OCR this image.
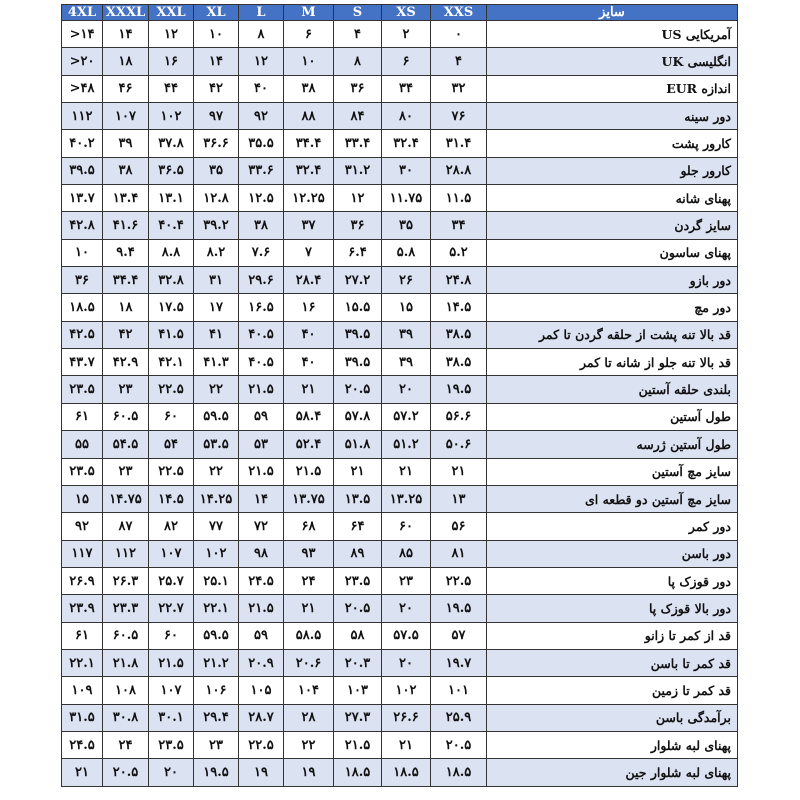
سایز	XXS	XS	S	M	L	XL	XXL	XXXL	4XL
آمریکایی US	۰	۲	۴	۶	۸	۱۰	۱۲	۱۴	>۱۴
انگلیسی UK	۴	۶	۸	۱۰	۱۲	۱۴	۱۶	۱۸	>۲۰
اندازه EUR	۳۲	۳۴	۳۶	۳۸	۴۰	۴۲	۴۴	۴۶	>۴۸
دور سینه	۷۶	۸۰	۸۴	۸۸	۹۲	۹۷	۱۰۲	۱۰۷	۱۱۲
کارور پشت	۳۱.۴	۳۲.۴	۳۳.۴	۳۴.۴	۳۵.۵	۳۶.۶	۳۷.۸	۳۹	۴۰.۲
کارور جلو	۲۸.۸	۳۰	۳۱.۲	۳۲.۴	۳۳.۶	۳۵	۳۶.۵	۳۸	۳۹.۵
پهنای شانه	۱۱.۵	۱۱.۷۵	۱۲	۱۲.۲۵	۱۲.۵	۱۲.۸	۱۳.۱	۱۳.۴	۱۳.۷
سایز گردن	۳۴	۳۵	۳۶	۳۷	۳۸	۳۹.۲	۴۰.۴	۴۱.۶	۴۲.۸
پهنای ساسون	۵.۲	۵.۸	۶.۴	۷	۷.۶	۸.۲	۸.۸	۹.۴	۱۰
دور بازو	۲۴.۸	۲۶	۲۷.۲	۲۸.۴	۲۹.۶	۳۱	۳۲.۸	۳۴.۴	۳۶
دور مچ	۱۴.۵	۱۵	۱۵.۵	۱۶	۱۶.۵	۱۷	۱۷.۵	۱۸	۱۸.۵
قد بالا تنه پشت از حلقه گردن تا کمر	۳۸.۵	۳۹	۳۹.۵	۴۰	۴۰.۵	۴۱	۴۱.۵	۴۲	۴۲.۵
قد بالا تنه جلو از شانه تا کمر	۳۸.۵	۳۹	۳۹.۵	۴۰	۴۰.۵	۴۱.۳	۴۲.۱	۴۲.۹	۴۳.۷
بلندی حلقه آستین	۱۹.۵	۲۰	۲۰.۵	۲۱	۲۱.۵	۲۲	۲۲.۵	۲۳	۲۳.۵
طول آستین	۵۶.۶	۵۷.۲	۵۷.۸	۵۸.۴	۵۹	۵۹.۵	۶۰	۶۰.۵	۶۱
طول آستین ژرسه	۵۰.۶	۵۱.۲	۵۱.۸	۵۲.۴	۵۳	۵۳.۵	۵۴	۵۴.۵	۵۵
سایز مچ آستین	۲۱	۲۱	۲۱	۲۱.۵	۲۱.۵	۲۲	۲۲.۵	۲۳	۲۳.۵
سایز مچ آستین دو قطعه ای	۱۳	۱۳.۲۵	۱۳.۵	۱۳.۷۵	۱۴	۱۴.۲۵	۱۴.۵	۱۴.۷۵	۱۵
دور کمر	۵۶	۶۰	۶۴	۶۸	۷۲	۷۷	۸۲	۸۷	۹۲
دور باسن	۸۱	۸۵	۸۹	۹۳	۹۸	۱۰۲	۱۰۷	۱۱۲	۱۱۷
دور قوزک پا	۲۲.۵	۲۳	۲۳.۵	۲۴	۲۴.۵	۲۵.۱	۲۵.۷	۲۶.۳	۲۶.۹
دور بالا قوزک پا	۱۹.۵	۲۰	۲۰.۵	۲۱	۲۱.۵	۲۲.۱	۲۲.۷	۲۳.۳	۲۳.۹
قد از کمر تا زانو	۵۷	۵۷.۵	۵۸	۵۸.۵	۵۹	۵۹.۵	۶۰	۶۰.۵	۶۱
قد کمر تا باسن	۱۹.۷	۲۰	۲۰.۳	۲۰.۶	۲۰.۹	۲۱.۲	۲۱.۵	۲۱.۸	۲۲.۱
قد کمر تا زمین	۱۰۱	۱۰۲	۱۰۳	۱۰۴	۱۰۵	۱۰۶	۱۰۷	۱۰۸	۱۰۹
برآمدگی باسن	۲۵.۹	۲۶.۶	۲۷.۳	۲۸	۲۸.۷	۲۹.۴	۳۰.۱	۳۰.۸	۳۱.۵
پهنای لبه شلوار	۲۰.۵	۲۱	۲۱.۵	۲۲	۲۲.۵	۲۳	۲۳.۵	۲۴	۲۴.۵
پهنای لبه شلوار جین	۱۸.۵	۱۸.۵	۱۸.۵	۱۹	۱۹	۱۹.۵	۲۰	۲۰.۵	۲۱
